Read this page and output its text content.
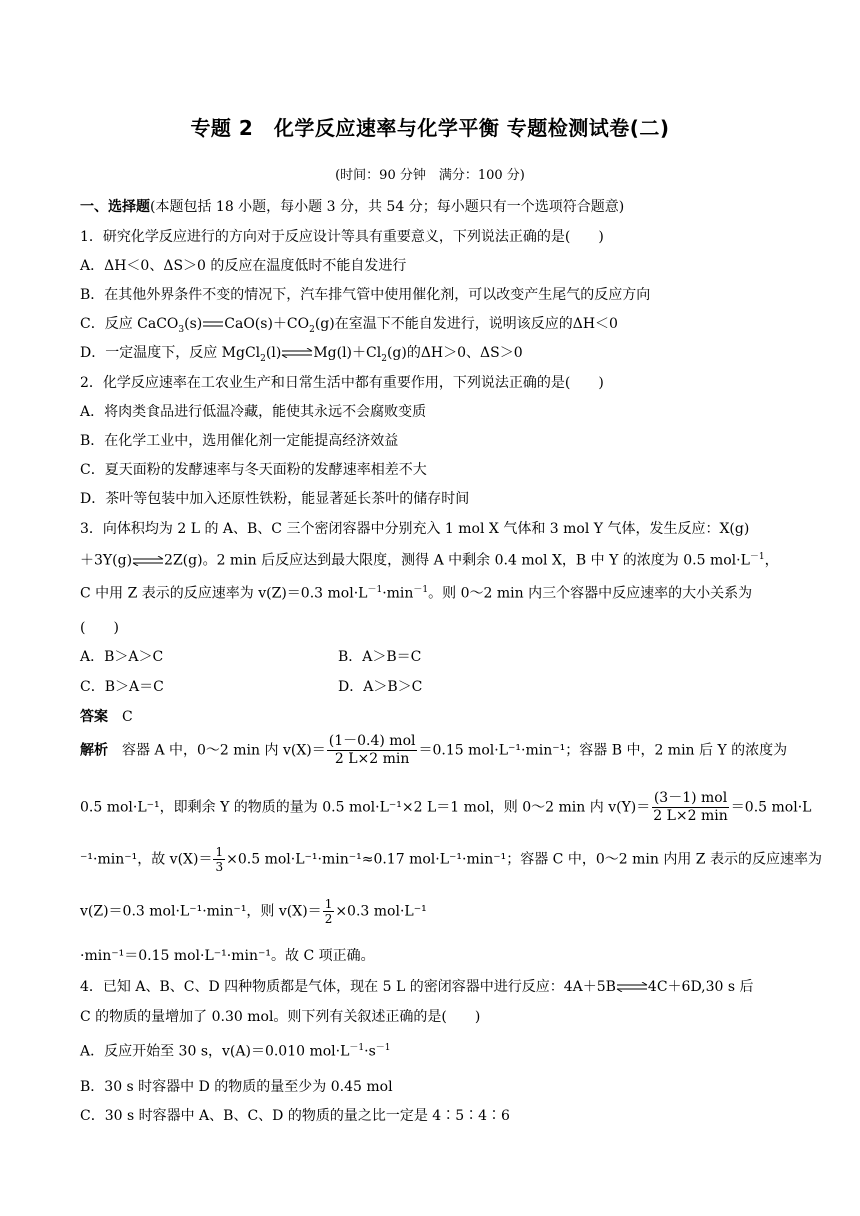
专题 2　化学反应速率与化学平衡 专题检测试卷(二)
(时间：90 分钟　满分：100 分)
一、选择题(本题包括 18 小题，每小题 3 分，共 54 分；每小题只有一个选项符合题意)
1．研究化学反应进行的方向对于反应设计等具有重要意义，下列说法正确的是(　　)
A．ΔH＜0、ΔS＞0 的反应在温度低时不能自发进行
B．在其他外界条件不变的情况下，汽车排气管中使用催化剂，可以改变产生尾气的反应方向
C．反应 CaCO$_3$(s) $CaO(s)+CO_2(g)$在室温下不能自发进行，说明该反应的ΔH＜0
D．一定温度下，反应 $MgCl_2(l)\rightleftharpoons Mg(l)+Cl_2(g)$的ΔH＞0、ΔS＞0
2．化学反应速率在工农业生产和日常生活中都有重要作用，下列说法正确的是(　　)
A．将肉类食品进行低温冷藏，能使其永远不会腐败变质
B．在化学工业中，选用催化剂一定能提高经济效益
C．夏天面粉的发酵速率与冬天面粉的发酵速率相差不大
D．茶叶等包装中加入还原性铁粉，能显著延长茶叶的储存时间
3．向体积均为 2 L 的 A、B、C 三个密闭容器中分别充入 1 mol X 气体和 3 mol Y 气体，发生反应：X(g)
＋3Y(g)⇌2Z(g)。2 min 后反应达到最大限度，测得 A 中剩余 0.4 mol X，B 中 Y 的浓度为 0.5 $mol\cdot L^{-1}$，
C 中用 Z 表示的反应速率为 v(Z)＝0.3 $mol\cdot L^{-1}\cdot\min^{-1}$。则 0～2 min 内三个容器中反应速率的大小关系为
(　　)
A．B＞A＞C	B．A＞B＝C
C．B＞A＝C	D．A＞B＞C
答案　 C
解析　 容器 A 中，0～2 min 内 $v(X)= \frac{\text{(1－0.4) mol}}{2 L\times 2 \min} =0.15$ mol·L⁻¹·min⁻¹；容器 B 中，2 min 后 Y 的浓度为
0.5 mol·L⁻¹，即剩余 Y 的物质的量为 0.5 mol·L⁻¹×2 L＝1 mol，则 0～2 min 内 $v(Y)= \frac{\text{(3－1) mol}}{2 L\times 2 \min} =0.5$ mol·L
⁻¹·min⁻¹，故 $v(X)= \frac{1}{3} \times 0.5$ mol·L⁻¹·min⁻¹≈0.17 mol·L⁻¹·min⁻¹；容器 C 中，0～2 min 内用 Z 表示的反应速率为
v(Z)＝0.3 mol·L⁻¹·min⁻¹，则 $v(X)= \frac{1}{2} \times 0.3$ mol·L⁻¹
·min⁻¹＝0.15 mol·L⁻¹·min⁻¹。故 C 项正确。
4．已知 A、B、C、D 四种物质都是气体，现在 5 L 的密闭容器中进行反应：4A＋5B⇌4C＋6D,30 s 后
C 的物质的量增加了 0.30 mol。则下列有关叙述正确的是(　　)
A．反应开始至 30 s，v(A)＝0.010 $mol\cdot L^{-1}\cdot s^{-1}$
B．30 s 时容器中 D 的物质的量至少为 0.45 mol
C．30 s 时容器中 A、B、C、D 的物质的量之比一定是 4∶5∶4∶6
